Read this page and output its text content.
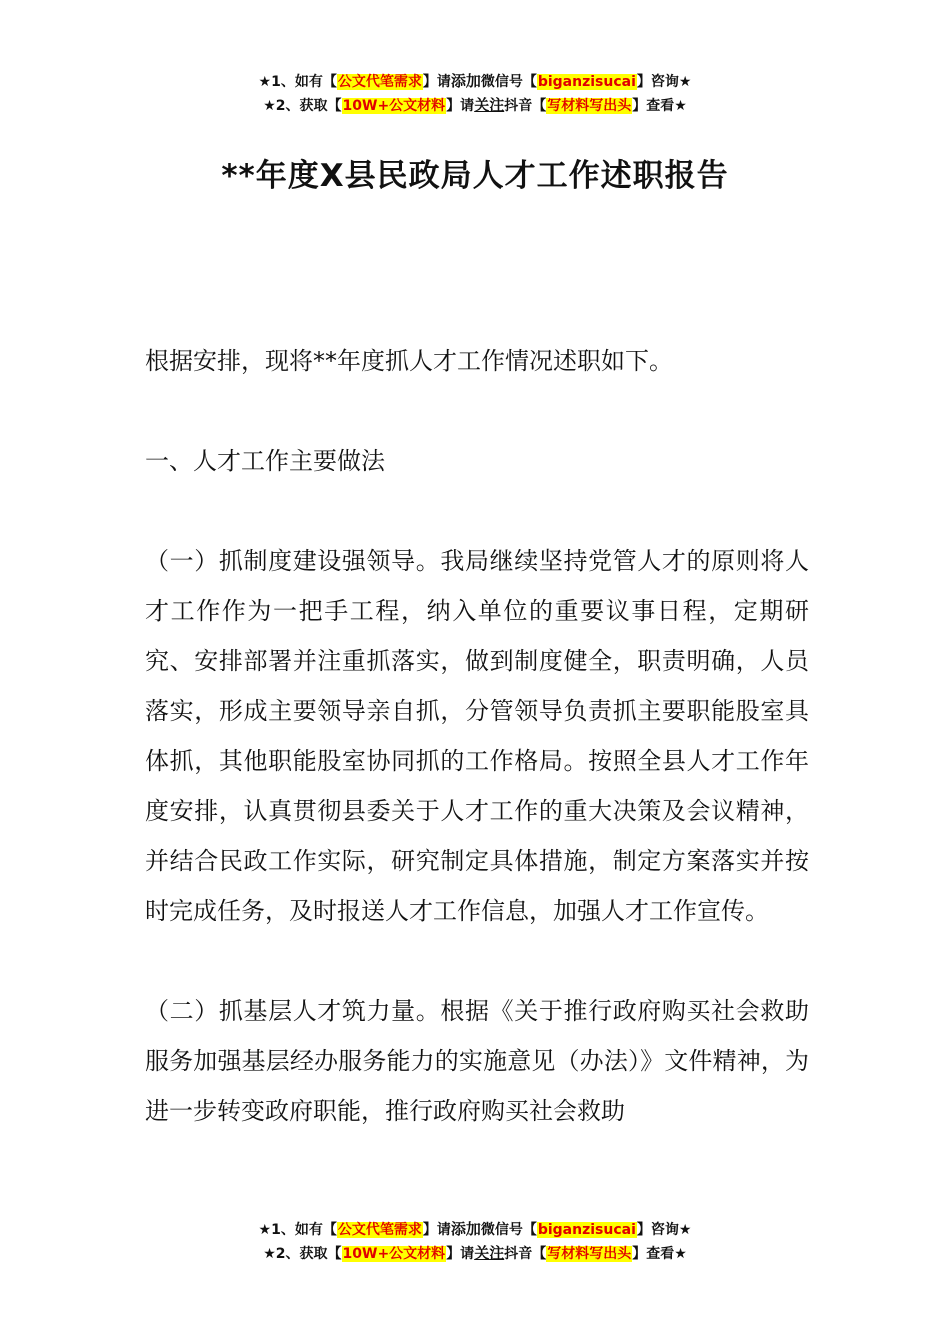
★1、如有【公文代笔需求】请添加微信号【biganzisucai】咨询★
★2、获取【10W+公文材料】请关注抖音【写材料写出头】查看★
**年度X县民政局人才工作述职报告

根据安排，现将**年度抓人才工作情况述职如下。

一、人才工作主要做法

（一）抓制度建设强领导。我局继续坚持党管人才的原则将人才工作作为一把手工程，纳入单位的重要议事日程，定期研究、安排部署并注重抓落实，做到制度健全，职责明确，人员落实，形成主要领导亲自抓，分管领导负责抓主要职能股室具体抓，其他职能股室协同抓的工作格局。按照全县人才工作年度安排，认真贯彻县委关于人才工作的重大决策及会议精神，并结合民政工作实际，研究制定具体措施，制定方案落实并按时完成任务，及时报送人才工作信息，加强人才工作宣传。

（二）抓基层人才筑力量。根据《关于推行政府购买社会救助服务加强基层经办服务能力的实施意见（办法）》文件精神，为进一步转变政府职能，推行政府购买社会救助

★1、如有【公文代笔需求】请添加微信号【biganzisucai】咨询★
★2、获取【10W+公文材料】请关注抖音【写材料写出头】查看★
